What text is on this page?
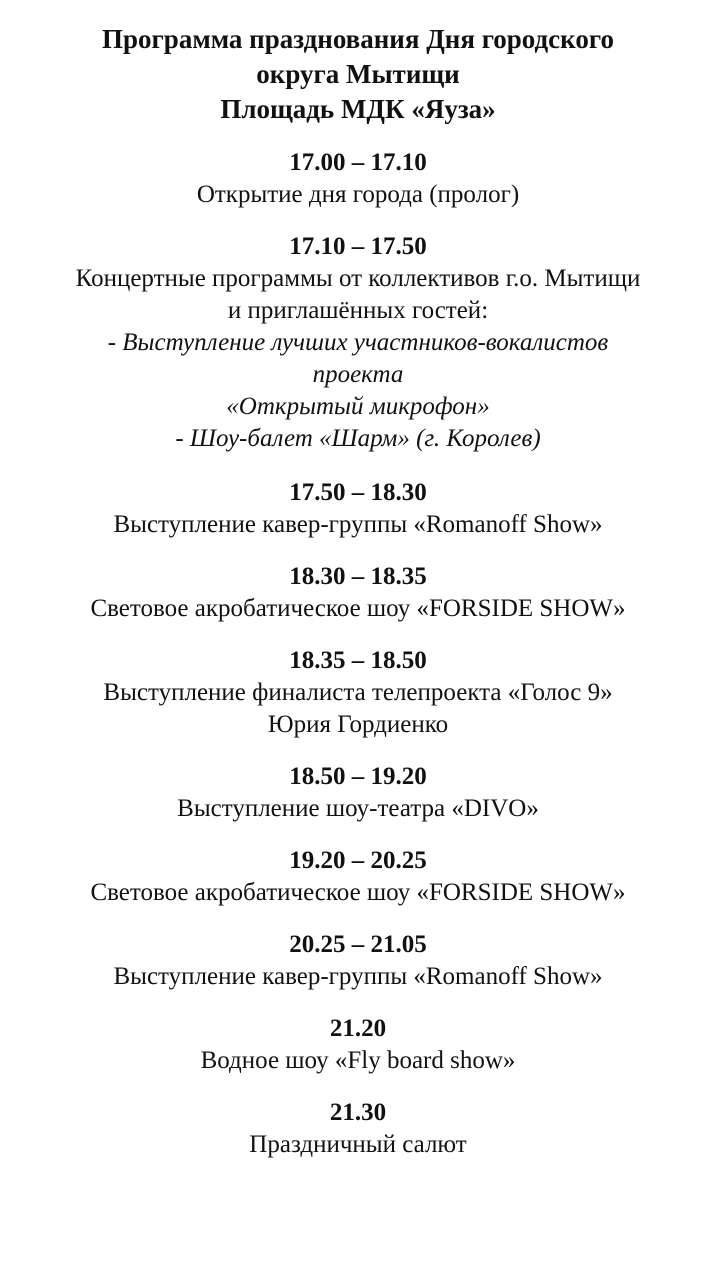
Программа празднования Дня городского
округа Мытищи
Площадь МДК «Яуза»
17.00 – 17.10
Открытие дня города (пролог)
17.10 – 17.50
Концертные программы от коллективов г.о. Мытищи
и приглашённых гостей:
- Выступление лучших участников-вокалистов
проекта
«Открытый микрофон»
- Шоу-балет «Шарм» (г. Королев)
17.50 – 18.30
Выступление кавер-группы «Romanoff Show»
18.30 – 18.35
Световое акробатическое шоу «FORSIDE SHOW»
18.35 – 18.50
Выступление финалиста телепроекта «Голос 9»
Юрия Гордиенко
18.50 – 19.20
Выступление шоу-театра «DIVO»
19.20 – 20.25
Световое акробатическое шоу «FORSIDE SHOW»
20.25 – 21.05
Выступление кавер-группы «Romanoff Show»
21.20
Водное шоу «Fly board show»
21.30
Праздничный салют
